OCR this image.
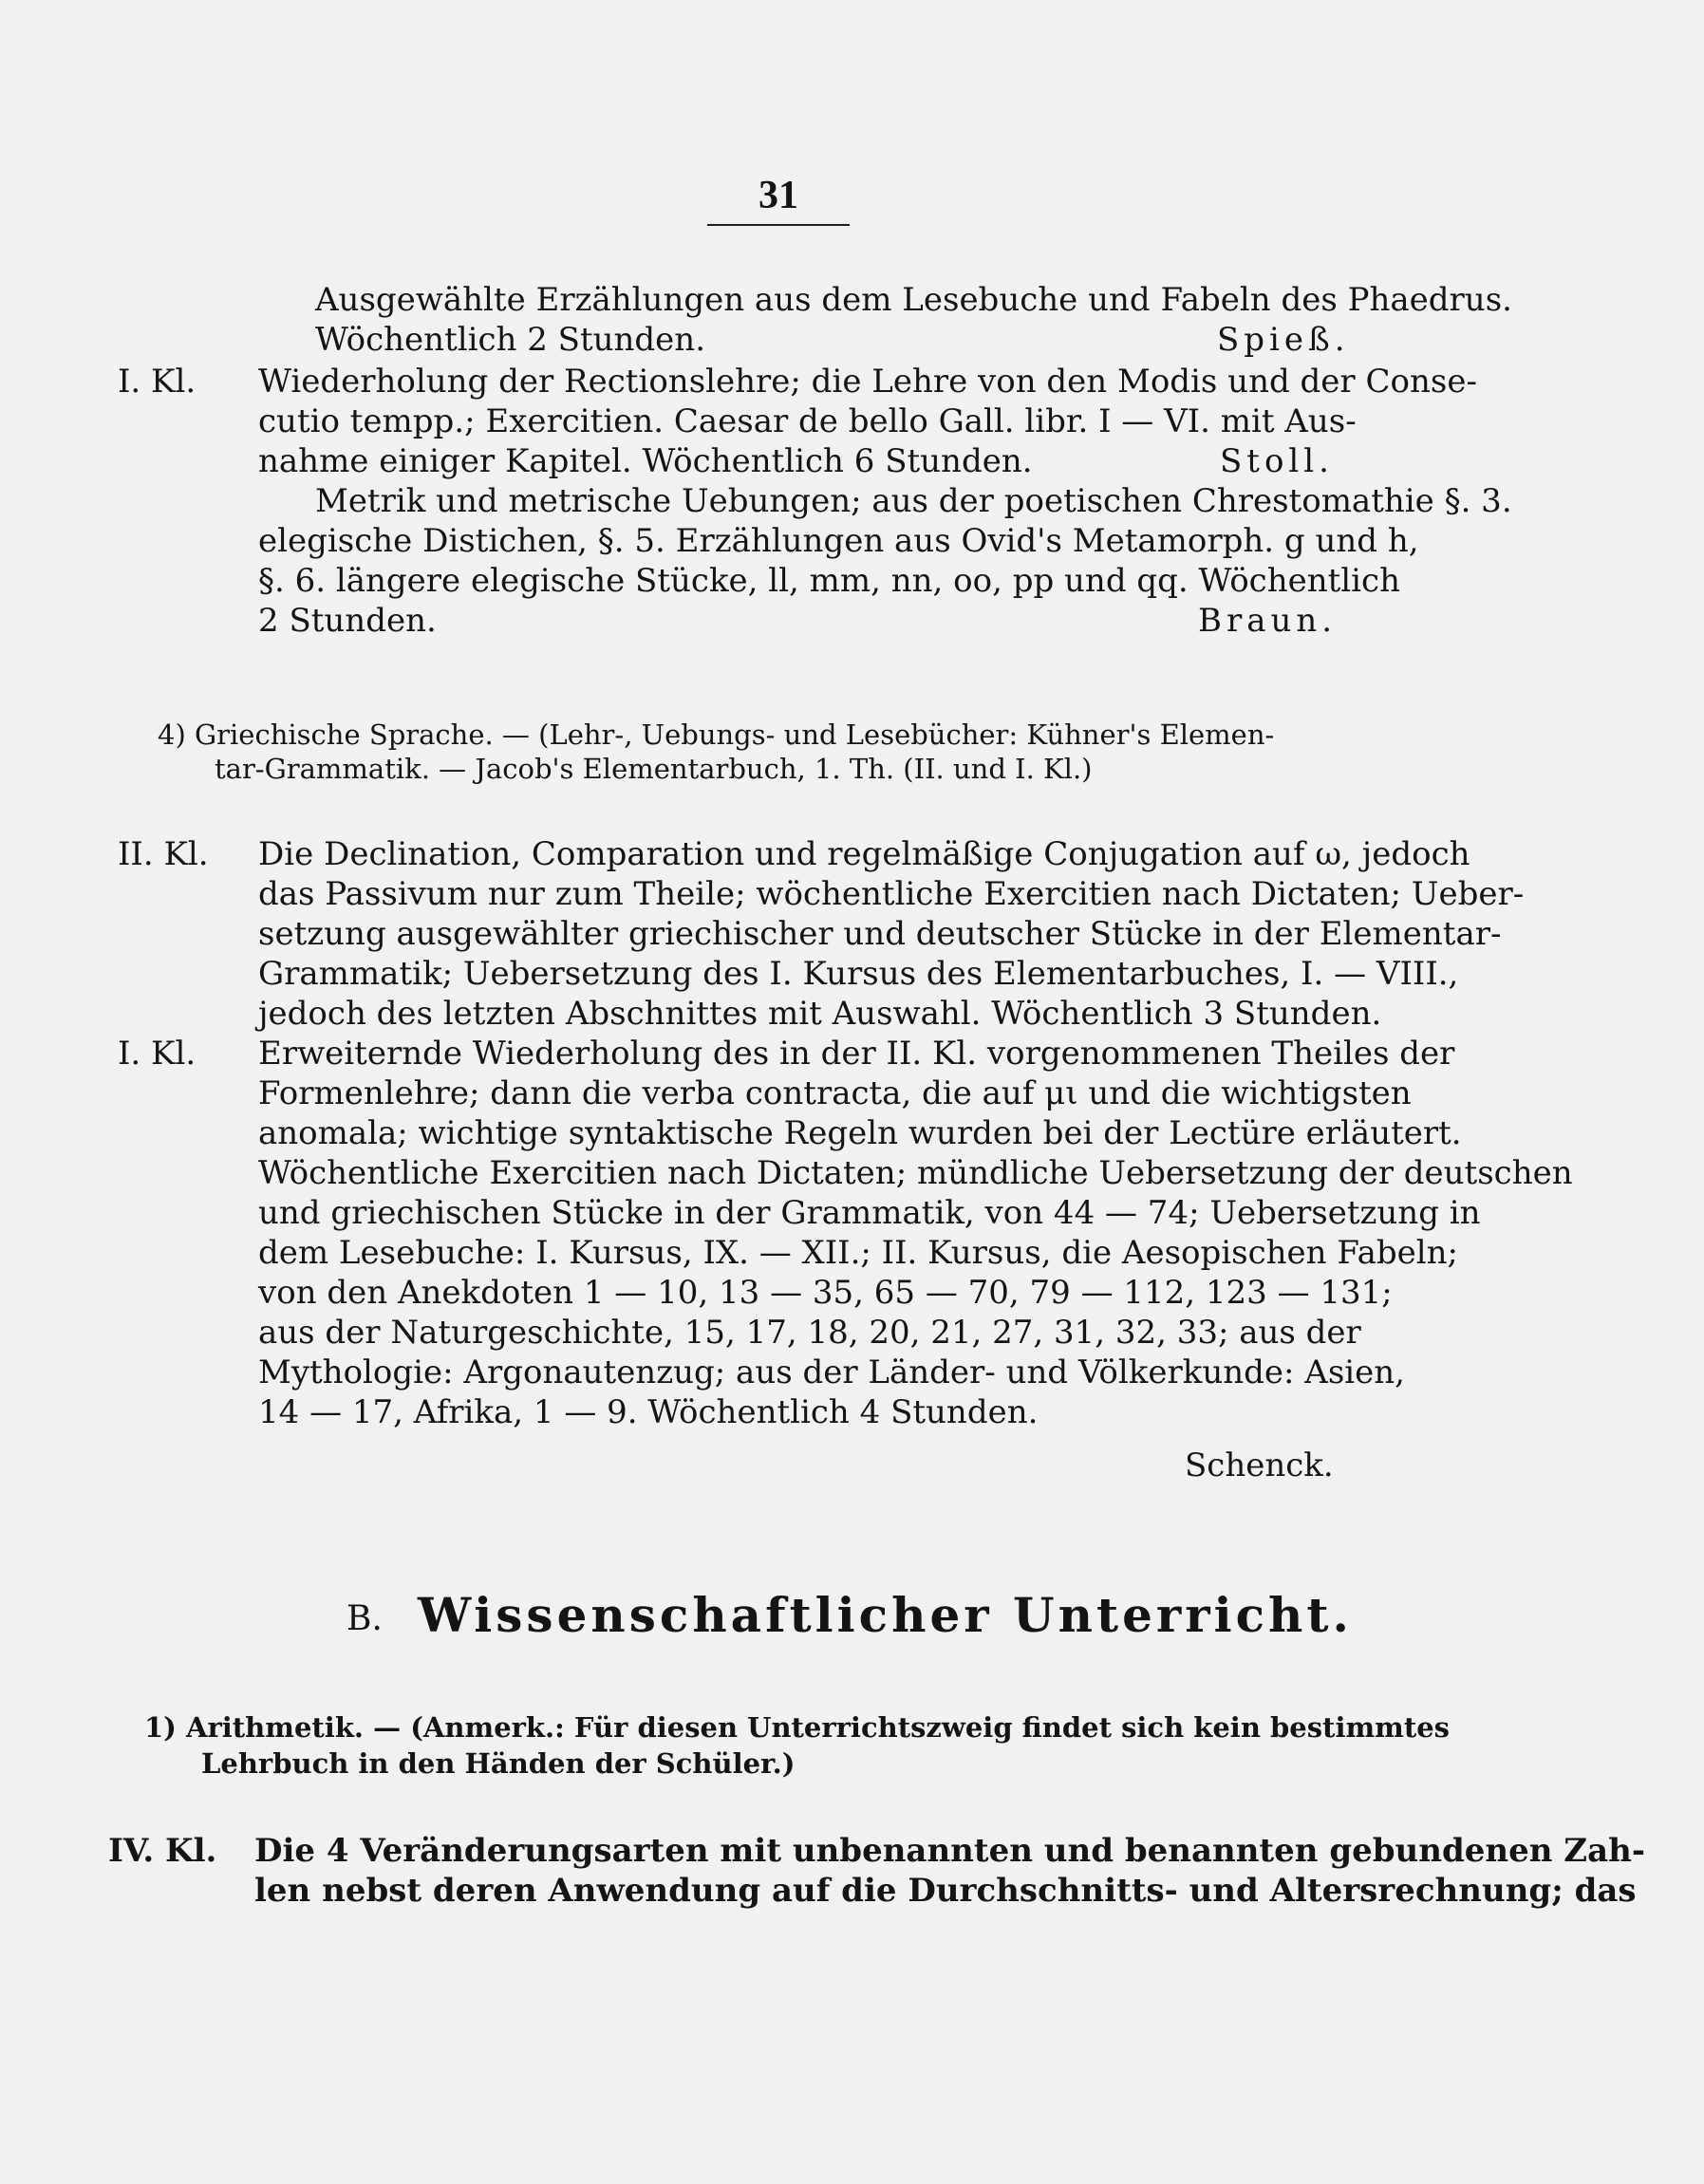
31
Ausgewählte Erzählungen aus dem Lesebuche und Fabeln des Phaedrus.
Wöchentlich 2 Stunden.	Spieß.
I. Kl. Wiederholung der Rectionslehre; die Lehre von den Modis und der Conse-
cutio tempp.; Exercitien. Caesar de bello Gall. libr. I — VI. mit Aus-
nahme einiger Kapitel. Wöchentlich 6 Stunden.	Stoll.
Metrik und metrische Uebungen; aus der poetischen Chrestomathie §. 3.
elegische Distichen, §. 5. Erzählungen aus Ovid's Metamorph. g und h,
§. 6. längere elegische Stücke, ll, mm, nn, oo, pp und qq. Wöchentlich
2 Stunden.	Braun.
4) Griechische Sprache. — (Lehr-, Uebungs- und Lesebücher: Kühner's Elemen-
tar-Grammatik. — Jacob's Elementarbuch, 1. Th. (II. und I. Kl.)
II. Kl. Die Declination, Comparation und regelmäßige Conjugation auf ω, jedoch
das Passivum nur zum Theile; wöchentliche Exercitien nach Dictaten; Ueber-
setzung ausgewählter griechischer und deutscher Stücke in der Elementar-
Grammatik; Uebersetzung des I. Kursus des Elementarbuches, I. — VIII.,
jedoch des letzten Abschnittes mit Auswahl. Wöchentlich 3 Stunden.
I. Kl. Erweiternde Wiederholung des in der II. Kl. vorgenommenen Theiles der
Formenlehre; dann die verba contracta, die auf μι und die wichtigsten
anomala; wichtige syntaktische Regeln wurden bei der Lectüre erläutert.
Wöchentliche Exercitien nach Dictaten; mündliche Uebersetzung der deutschen
und griechischen Stücke in der Grammatik, von 44 — 74; Uebersetzung in
dem Lesebuche: I. Kursus, IX. — XII.; II. Kursus, die Aesopischen Fabeln;
von den Anekdoten 1 — 10, 13 — 35, 65 — 70, 79 — 112, 123 — 131;
aus der Naturgeschichte, 15, 17, 18, 20, 21, 27, 31, 32, 33; aus der
Mythologie: Argonautenzug; aus der Länder- und Völkerkunde: Asien,
14 — 17, Afrika, 1 — 9. Wöchentlich 4 Stunden.
Schenck.
B. Wissenschaftlicher Unterricht.
1) Arithmetik. — (Anmerk.: Für diesen Unterrichtszweig findet sich kein bestimmtes
Lehrbuch in den Händen der Schüler.)
IV. Kl. Die 4 Veränderungsarten mit unbenannten und benannten gebundenen Zah-
len nebst deren Anwendung auf die Durchschnitts- und Altersrechnung; das
